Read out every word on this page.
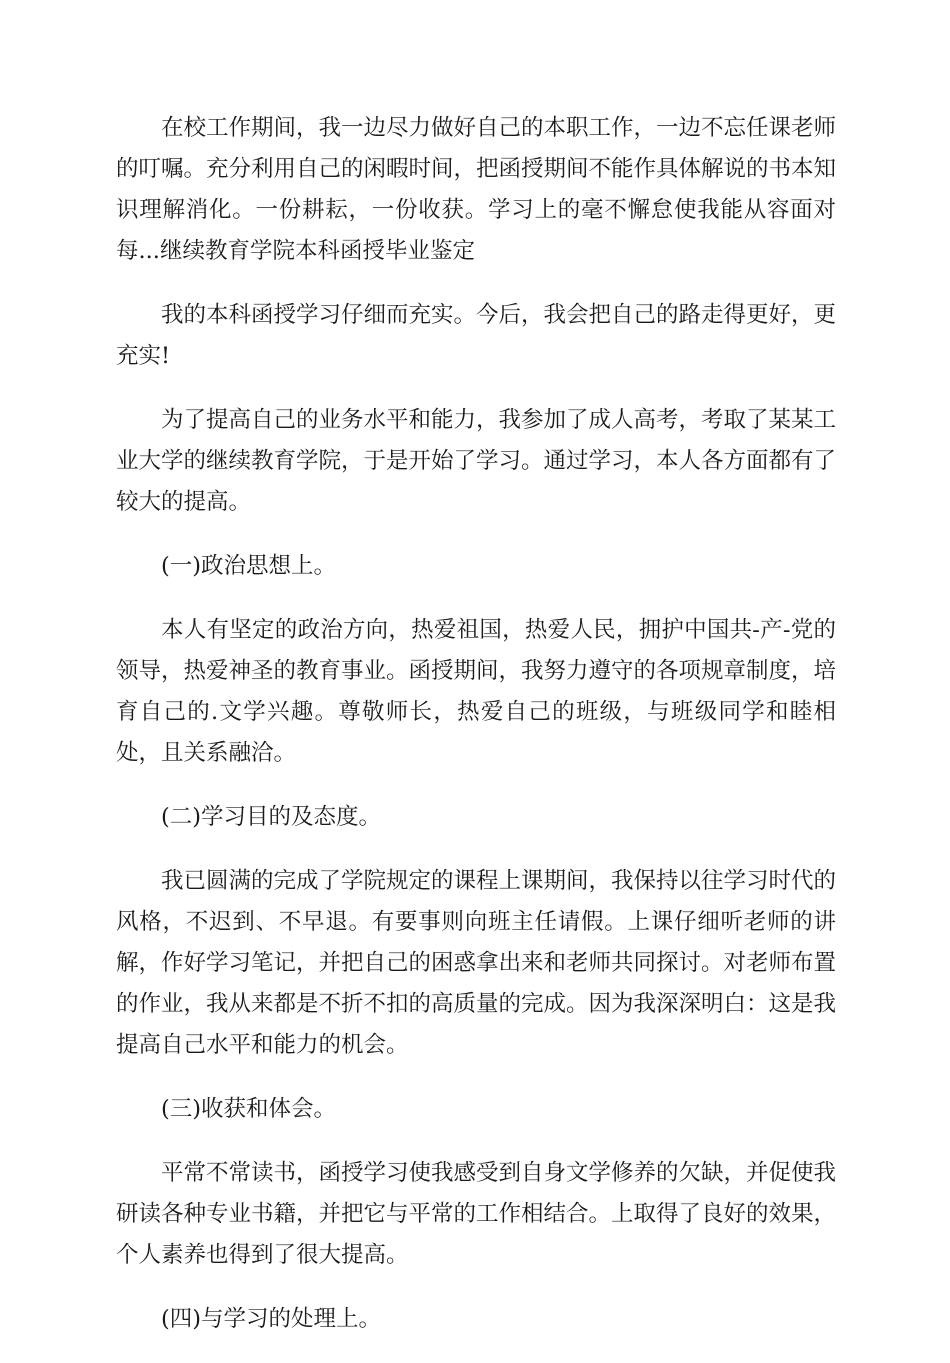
在校工作期间，我一边尽力做好自己的本职工作，一边不忘任课老师的叮嘱。充分利用自己的闲暇时间，把函授期间不能作具体解说的书本知识理解消化。一份耕耘，一份收获。学习上的毫不懈怠使我能从容面对每...继续教育学院本科函授毕业鉴定

我的本科函授学习仔细而充实。今后，我会把自己的路走得更好，更充实!

为了提高自己的业务水平和能力，我参加了成人高考，考取了某某工业大学的继续教育学院，于是开始了学习。通过学习，本人各方面都有了较大的提高。

(一)政治思想上。

本人有坚定的政治方向，热爱祖国，热爱人民，拥护中国共-产-党的领导，热爱神圣的教育事业。函授期间，我努力遵守的各项规章制度，培育自己的.文学兴趣。尊敬师长，热爱自己的班级，与班级同学和睦相处，且关系融洽。

(二)学习目的及态度。

我已圆满的完成了学院规定的课程上课期间，我保持以往学习时代的风格，不迟到、不早退。有要事则向班主任请假。上课仔细听老师的讲解，作好学习笔记，并把自己的困惑拿出来和老师共同探讨。对老师布置的作业，我从来都是不折不扣的高质量的完成。因为我深深明白：这是我提高自己水平和能力的机会。

(三)收获和体会。

平常不常读书，函授学习使我感受到自身文学修养的欠缺，并促使我研读各种专业书籍，并把它与平常的工作相结合。上取得了良好的效果，个人素养也得到了很大提高。

(四)与学习的处理上。
